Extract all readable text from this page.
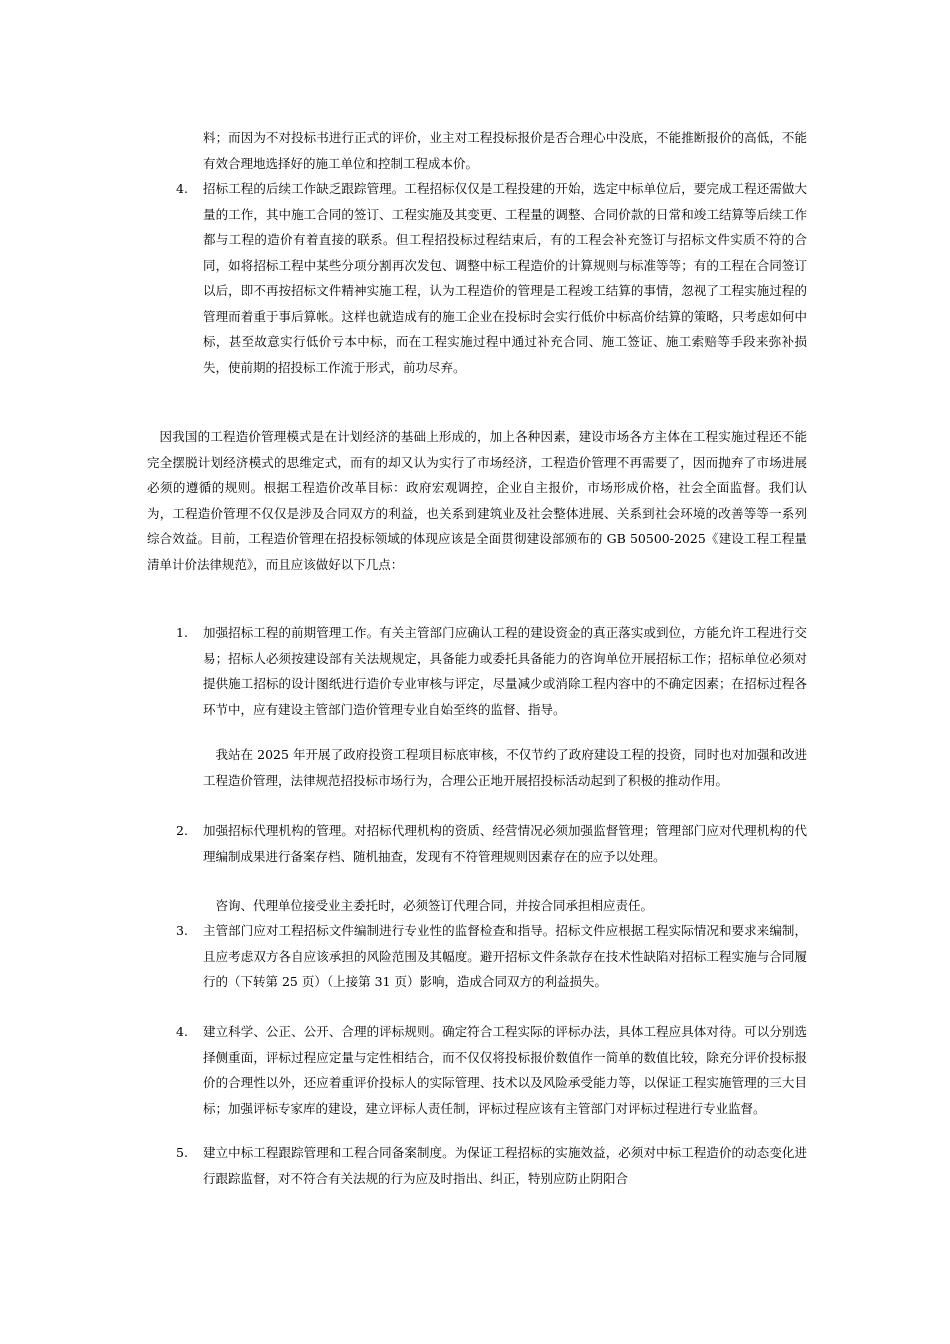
料；而因为不对投标书进行正式的评价，业主对工程投标报价是否合理心中没底，不能推断报价的高低，不能有效合理地选择好的施工单位和控制工程成本价。
4. 招标工程的后续工作缺乏跟踪管理。工程招标仅仅是工程投建的开始，选定中标单位后，要完成工程还需做大量的工作，其中施工合同的签订、工程实施及其变更、工程量的调整、合同价款的日常和竣工结算等后续工作都与工程的造价有着直接的联系。但工程招投标过程结束后，有的工程会补充签订与招标文件实质不符的合同，如将招标工程中某些分项分割再次发包、调整中标工程造价的计算规则与标准等等；有的工程在合同签订以后，即不再按招标文件精神实施工程，认为工程造价的管理是工程竣工结算的事情，忽视了工程实施过程的管理而着重于事后算帐。这样也就造成有的施工企业在投标时会实行低价中标高价结算的策略，只考虑如何中标，甚至故意实行低价亏本中标，而在工程实施过程中通过补充合同、施工签证、施工索赔等手段来弥补损失，使前期的招投标工作流于形式，前功尽弃。
因我国的工程造价管理模式是在计划经济的基础上形成的，加上各种因素，建设市场各方主体在工程实施过程还不能完全摆脱计划经济模式的思维定式，而有的却又认为实行了市场经济，工程造价管理不再需要了，因而抛弃了市场进展必须的遵循的规则。根据工程造价改革目标：政府宏观调控，企业自主报价，市场形成价格，社会全面监督。我们认为，工程造价管理不仅仅是涉及合同双方的利益，也关系到建筑业及社会整体进展、关系到社会环境的改善等等一系列综合效益。目前，工程造价管理在招投标领域的体现应该是全面贯彻建设部颁布的 GB 50500-2025《建设工程工程量清单计价法律规范》，而且应该做好以下几点：
1. 加强招标工程的前期管理工作。有关主管部门应确认工程的建设资金的真正落实或到位，方能允许工程进行交易；招标人必须按建设部有关法规规定，具备能力或委托具备能力的咨询单位开展招标工作；招标单位必须对提供施工招标的设计图纸进行造价专业审核与评定，尽量减少或消除工程内容中的不确定因素；在招标过程各环节中，应有建设主管部门造价管理专业自始至终的监督、指导。
我站在 2025 年开展了政府投资工程项目标底审核，不仅节约了政府建设工程的投资，同时也对加强和改进工程造价管理，法律规范招投标市场行为，合理公正地开展招投标活动起到了积极的推动作用。
2. 加强招标代理机构的管理。对招标代理机构的资质、经营情况必须加强监督管理；管理部门应对代理机构的代理编制成果进行备案存档、随机抽查，发现有不符管理规则因素存在的应予以处理。
咨询、代理单位接受业主委托时，必须签订代理合同，并按合同承担相应责任。
3. 主管部门应对工程招标文件编制进行专业性的监督检查和指导。招标文件应根据工程实际情况和要求来编制，且应考虑双方各自应该承担的风险范围及其幅度。避开招标文件条款存在技术性缺陷对招标工程实施与合同履行的（下转第 25 页）（上接第 31 页）影响，造成合同双方的利益损失。
4. 建立科学、公正、公开、合理的评标规则。确定符合工程实际的评标办法，具体工程应具体对待。可以分别选择侧重面，评标过程应定量与定性相结合，而不仅仅将投标报价数值作一简单的数值比较，除充分评价投标报价的合理性以外，还应着重评价投标人的实际管理、技术以及风险承受能力等，以保证工程实施管理的三大目标；加强评标专家库的建设，建立评标人责任制，评标过程应该有主管部门对评标过程进行专业监督。
5. 建立中标工程跟踪管理和工程合同备案制度。为保证工程招标的实施效益，必须对中标工程造价的动态变化进行跟踪监督，对不符合有关法规的行为应及时指出、纠正，特别应防止阴阳合
